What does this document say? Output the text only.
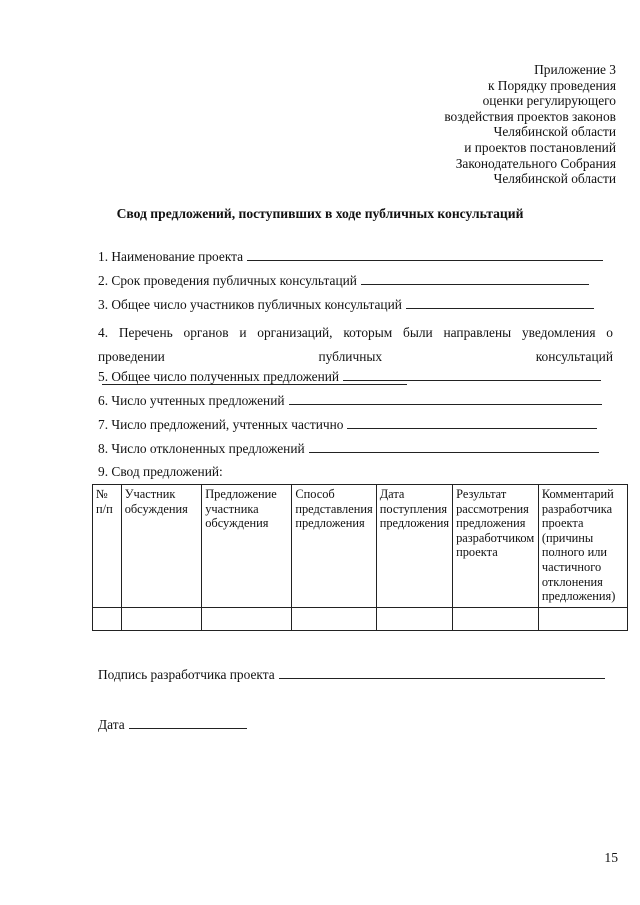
Приложение 3
к Порядку проведения
оценки регулирующего
воздействия проектов законов
Челябинской области
и проектов постановлений
Законодательного Собрания
Челябинской области
Свод предложений, поступивших в ходе публичных консультаций
1. Наименование проекта
2. Срок проведения публичных консультаций
3. Общее число участников публичных консультаций
4. Перечень органов и организаций, которым были направлены уведомления о проведении публичных консультаций
5. Общее число полученных предложений
6. Число учтенных предложений
7. Число предложений, учтенных частично
8. Число отклоненных предложений
9. Свод предложений:
№ п/п	Участник обсуждения	Предложение участника обсуждения	Способ представления предложения	Дата поступления предложения	Результат рассмотрения предложения разработчиком проекта	Комментарий разработчика проекта (причины полного или частичного отклонения предложения)

Подпись разработчика проекта
Дата
15
